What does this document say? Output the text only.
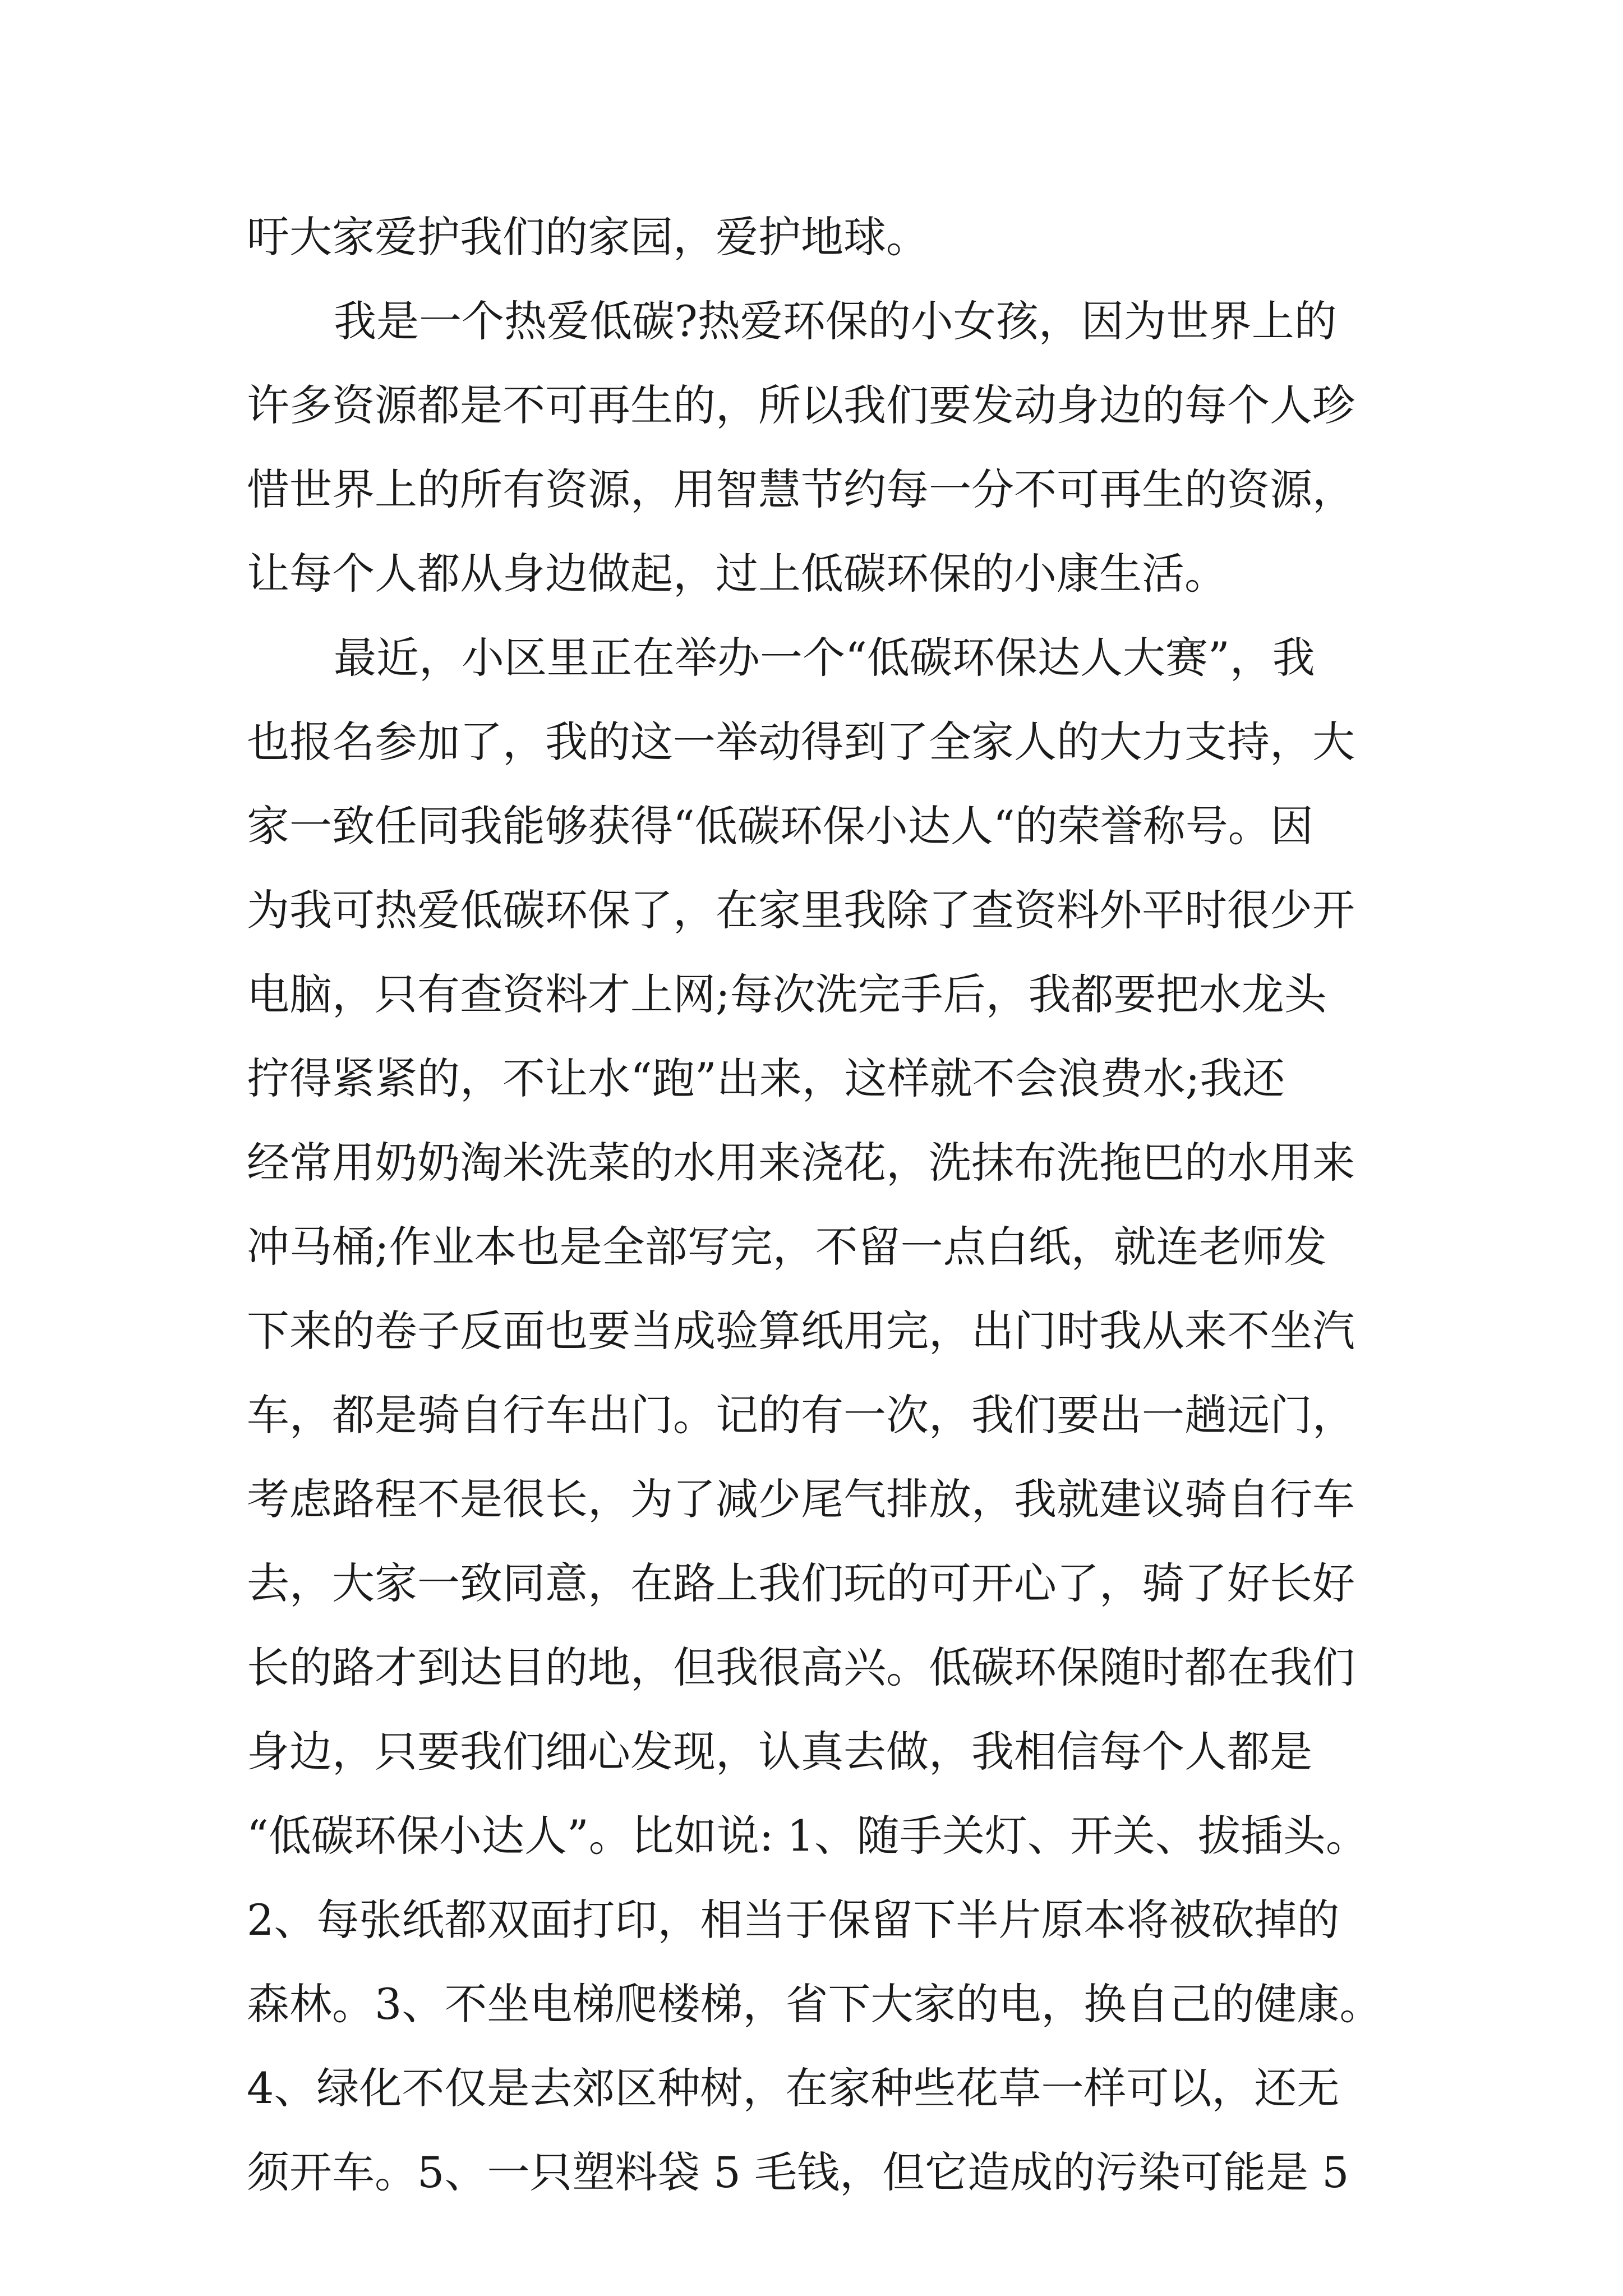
吁大家爱护我们的家园，爱护地球。
我是一个热爱低碳?热爱环保的小女孩，因为世界上的
许多资源都是不可再生的，所以我们要发动身边的每个人珍
惜世界上的所有资源，用智慧节约每一分不可再生的资源，
让每个人都从身边做起，过上低碳环保的小康生活。
最近，小区里正在举办一个“低碳环保达人大赛”，我
也报名参加了，我的这一举动得到了全家人的大力支持，大
家一致任同我能够获得“低碳环保小达人“的荣誉称号。因
为我可热爱低碳环保了，在家里我除了查资料外平时很少开
电脑，只有查资料才上网;每次洗完手后，我都要把水龙头
拧得紧紧的，不让水“跑”出来，这样就不会浪费水;我还
经常用奶奶淘米洗菜的水用来浇花，洗抹布洗拖巴的水用来
冲马桶;作业本也是全部写完，不留一点白纸，就连老师发
下来的卷子反面也要当成验算纸用完，出门时我从来不坐汽
车，都是骑自行车出门。记的有一次，我们要出一趟远门，
考虑路程不是很长，为了减少尾气排放，我就建议骑自行车
去，大家一致同意，在路上我们玩的可开心了，骑了好长好
长的路才到达目的地，但我很高兴。低碳环保随时都在我们
身边，只要我们细心发现，认真去做，我相信每个人都是
“低碳环保小达人”。比如说: 1、随手关灯、开关、拔插头。
2、每张纸都双面打印，相当于保留下半片原本将被砍掉的
森林。3、不坐电梯爬楼梯，省下大家的电，换自己的健康。
4、绿化不仅是去郊区种树，在家种些花草一样可以，还无
须开车。5、一只塑料袋 5 毛钱，但它造成的污染可能是 5
